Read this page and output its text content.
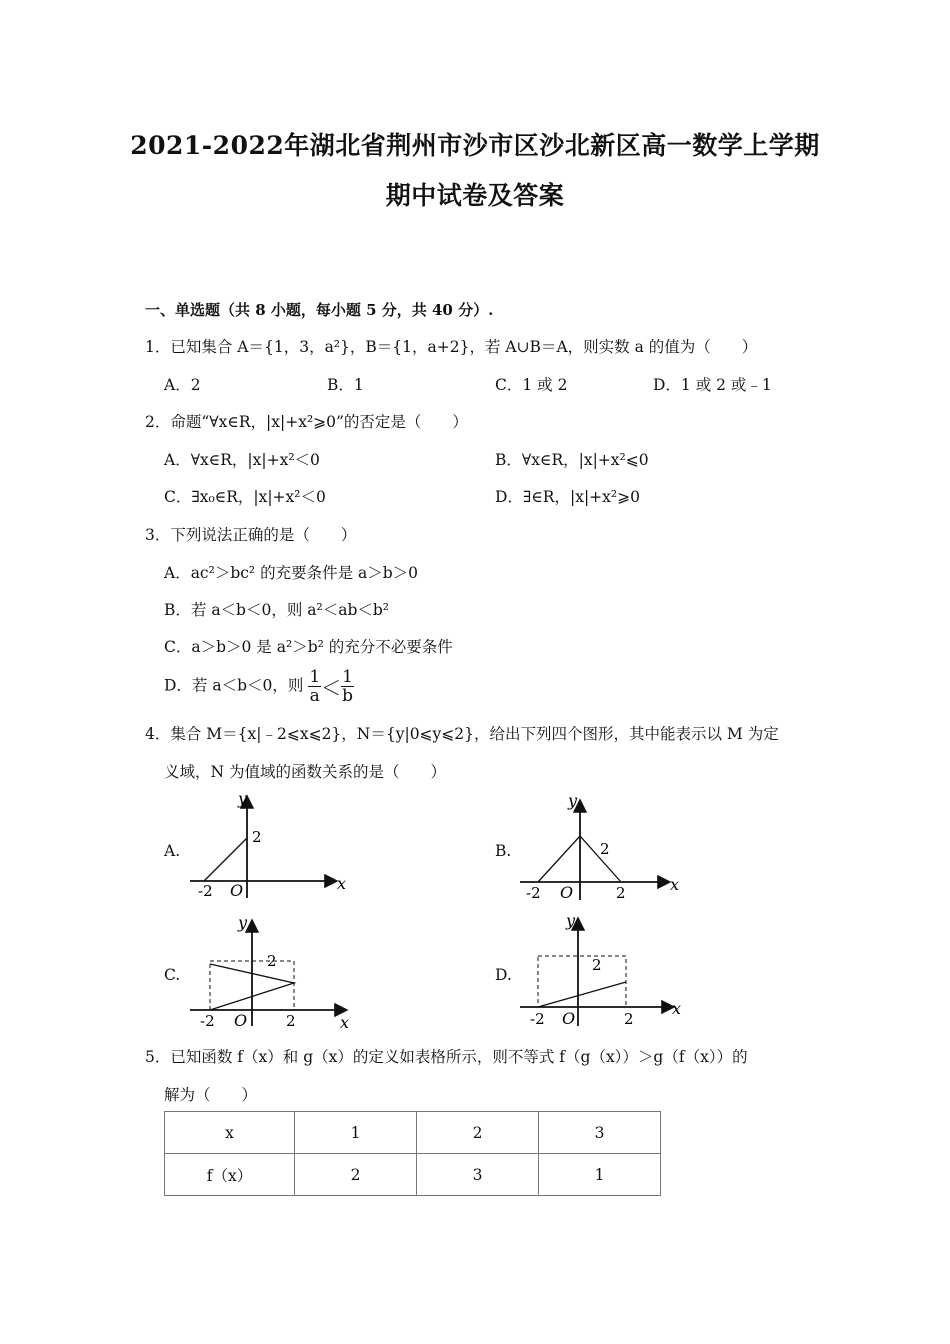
2021-2022年湖北省荆州市沙市区沙北新区高一数学上学期
期中试卷及答案
一、单选题（共 8 小题，每小题 5 分，共 40 分）.
1．已知集合 A＝{1，3，a²}，B＝{1，a+2}，若 A∪B＝A，则实数 a 的值为（　　）
A．2	B．1	C．1 或 2	D．1 或 2 或﹣1
2．命题“∀x∈R，|x|+x²⩾0”的否定是（　　）
A．∀x∈R，|x|+x²＜0	B．∀x∈R，|x|+x²⩽0
C．∃x₀∈R，|x|+x²＜0	D．∃∈R，|x|+x²⩾0
3．下列说法正确的是（　　）
A．ac²＞bc² 的充要条件是 a＞b＞0
B．若 a＜b＜0，则 a²＜ab＜b²
C．a＞b＞0 是 a²＞b² 的充分不必要条件
D．若 a＜b＜0，则 $\frac{1}{a} < \frac{1}{b}$
4．集合 M＝{x|﹣2⩽x⩽2}，N＝{y|0⩽y⩽2}，给出下列四个图形，其中能表示以 M 为定
义域，N 为值域的函数关系的是（　　）
A.	B.
C.	D.
y
x
O
-2
2
y
x
O
-2	2
2
y
x
O
-2	2
2
y
x
O
-2	2
2
5．已知函数 f（x）和 g（x）的定义如表格所示，则不等式 f（g（x））＞g（f（x））的
解为（　　）
x	1	2	3
f（x）	2	3	1
